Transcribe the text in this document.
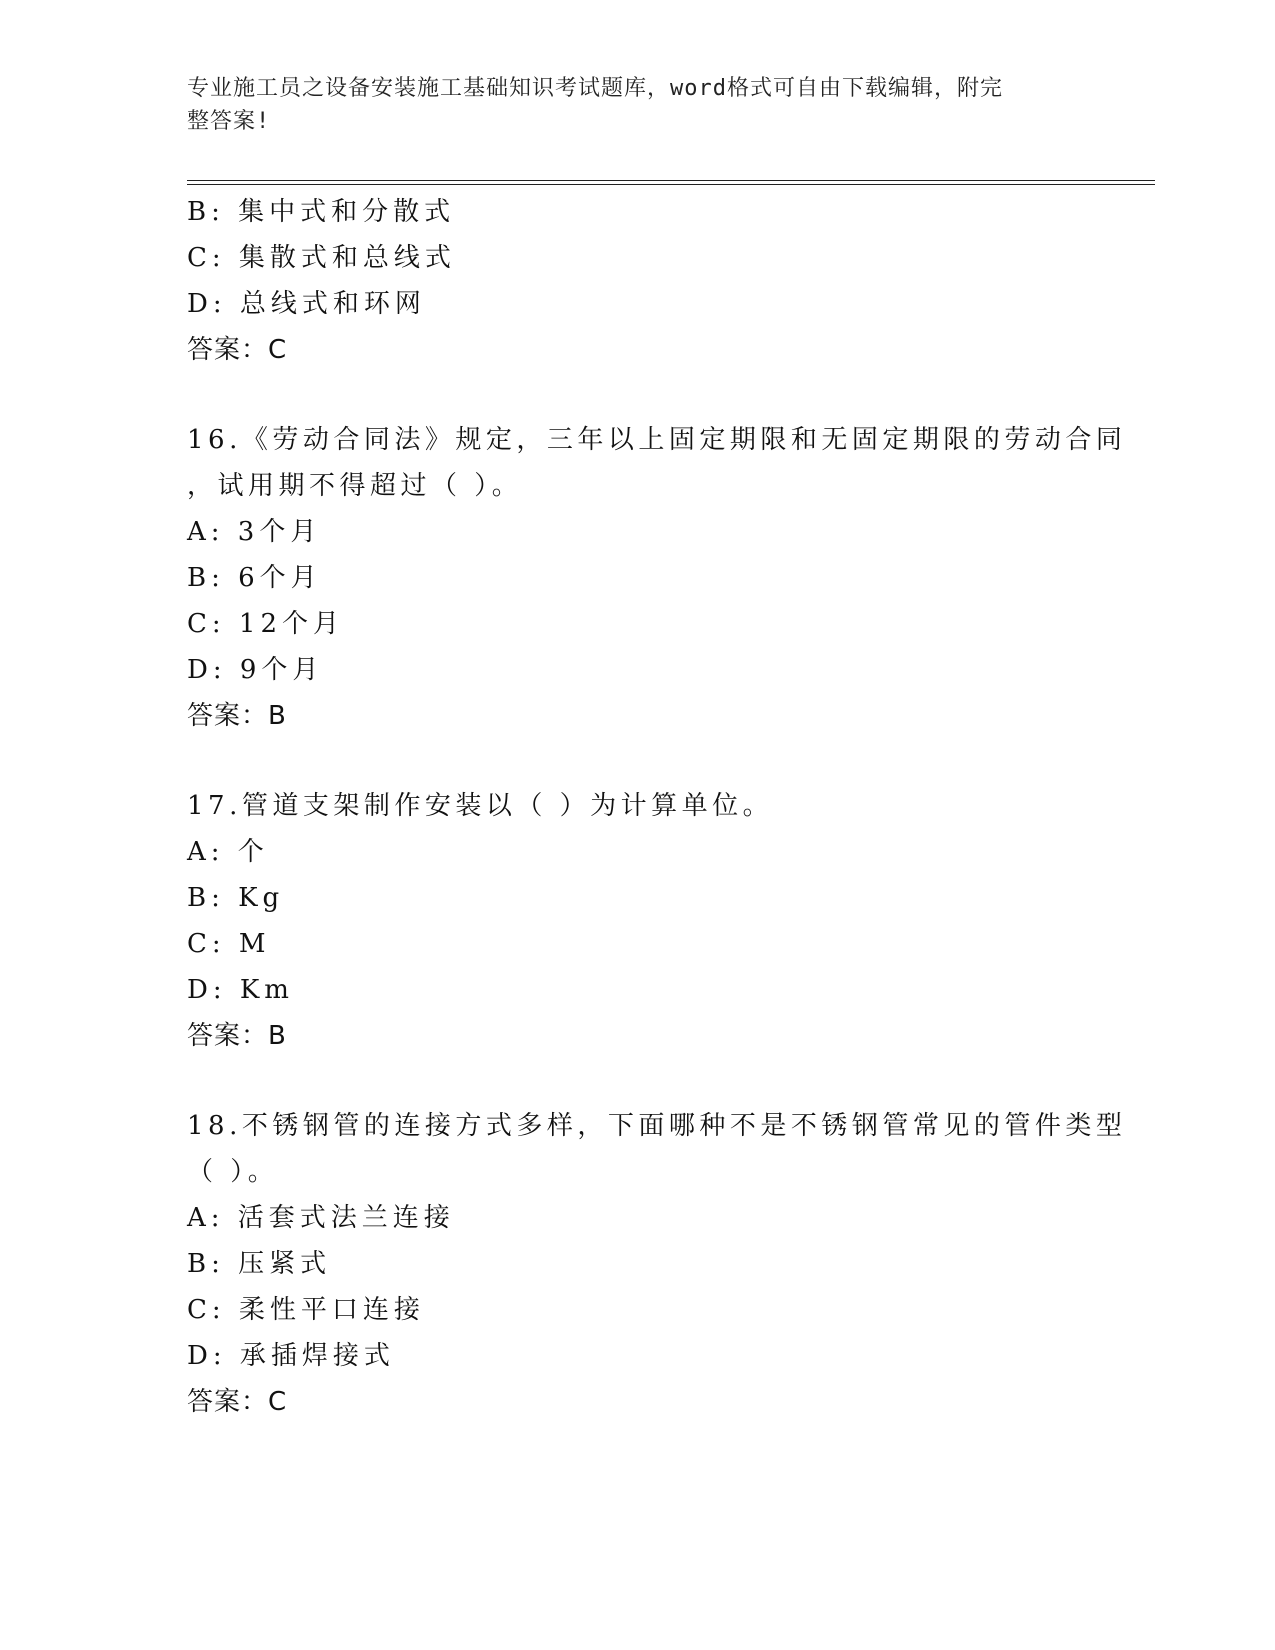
专业施工员之设备安装施工基础知识考试题库，word格式可自由下载编辑，附完
整答案!
B: 集中式和分散式
C: 集散式和总线式
D: 总线式和环网
答案：C
16.《劳动合同法》规定，三年以上固定期限和无固定期限的劳动合同
，试用期不得超过（ ）。
A: 3个月
B: 6个月
C: 12个月
D: 9个月
答案：B
17.管道支架制作安装以（ ）为计算单位。
A: 个
B: Kg
C: M
D: Km
答案：B
18.不锈钢管的连接方式多样，下面哪种不是不锈钢管常见的管件类型
（ ）。
A: 活套式法兰连接
B: 压紧式
C: 柔性平口连接
D: 承插焊接式
答案：C
